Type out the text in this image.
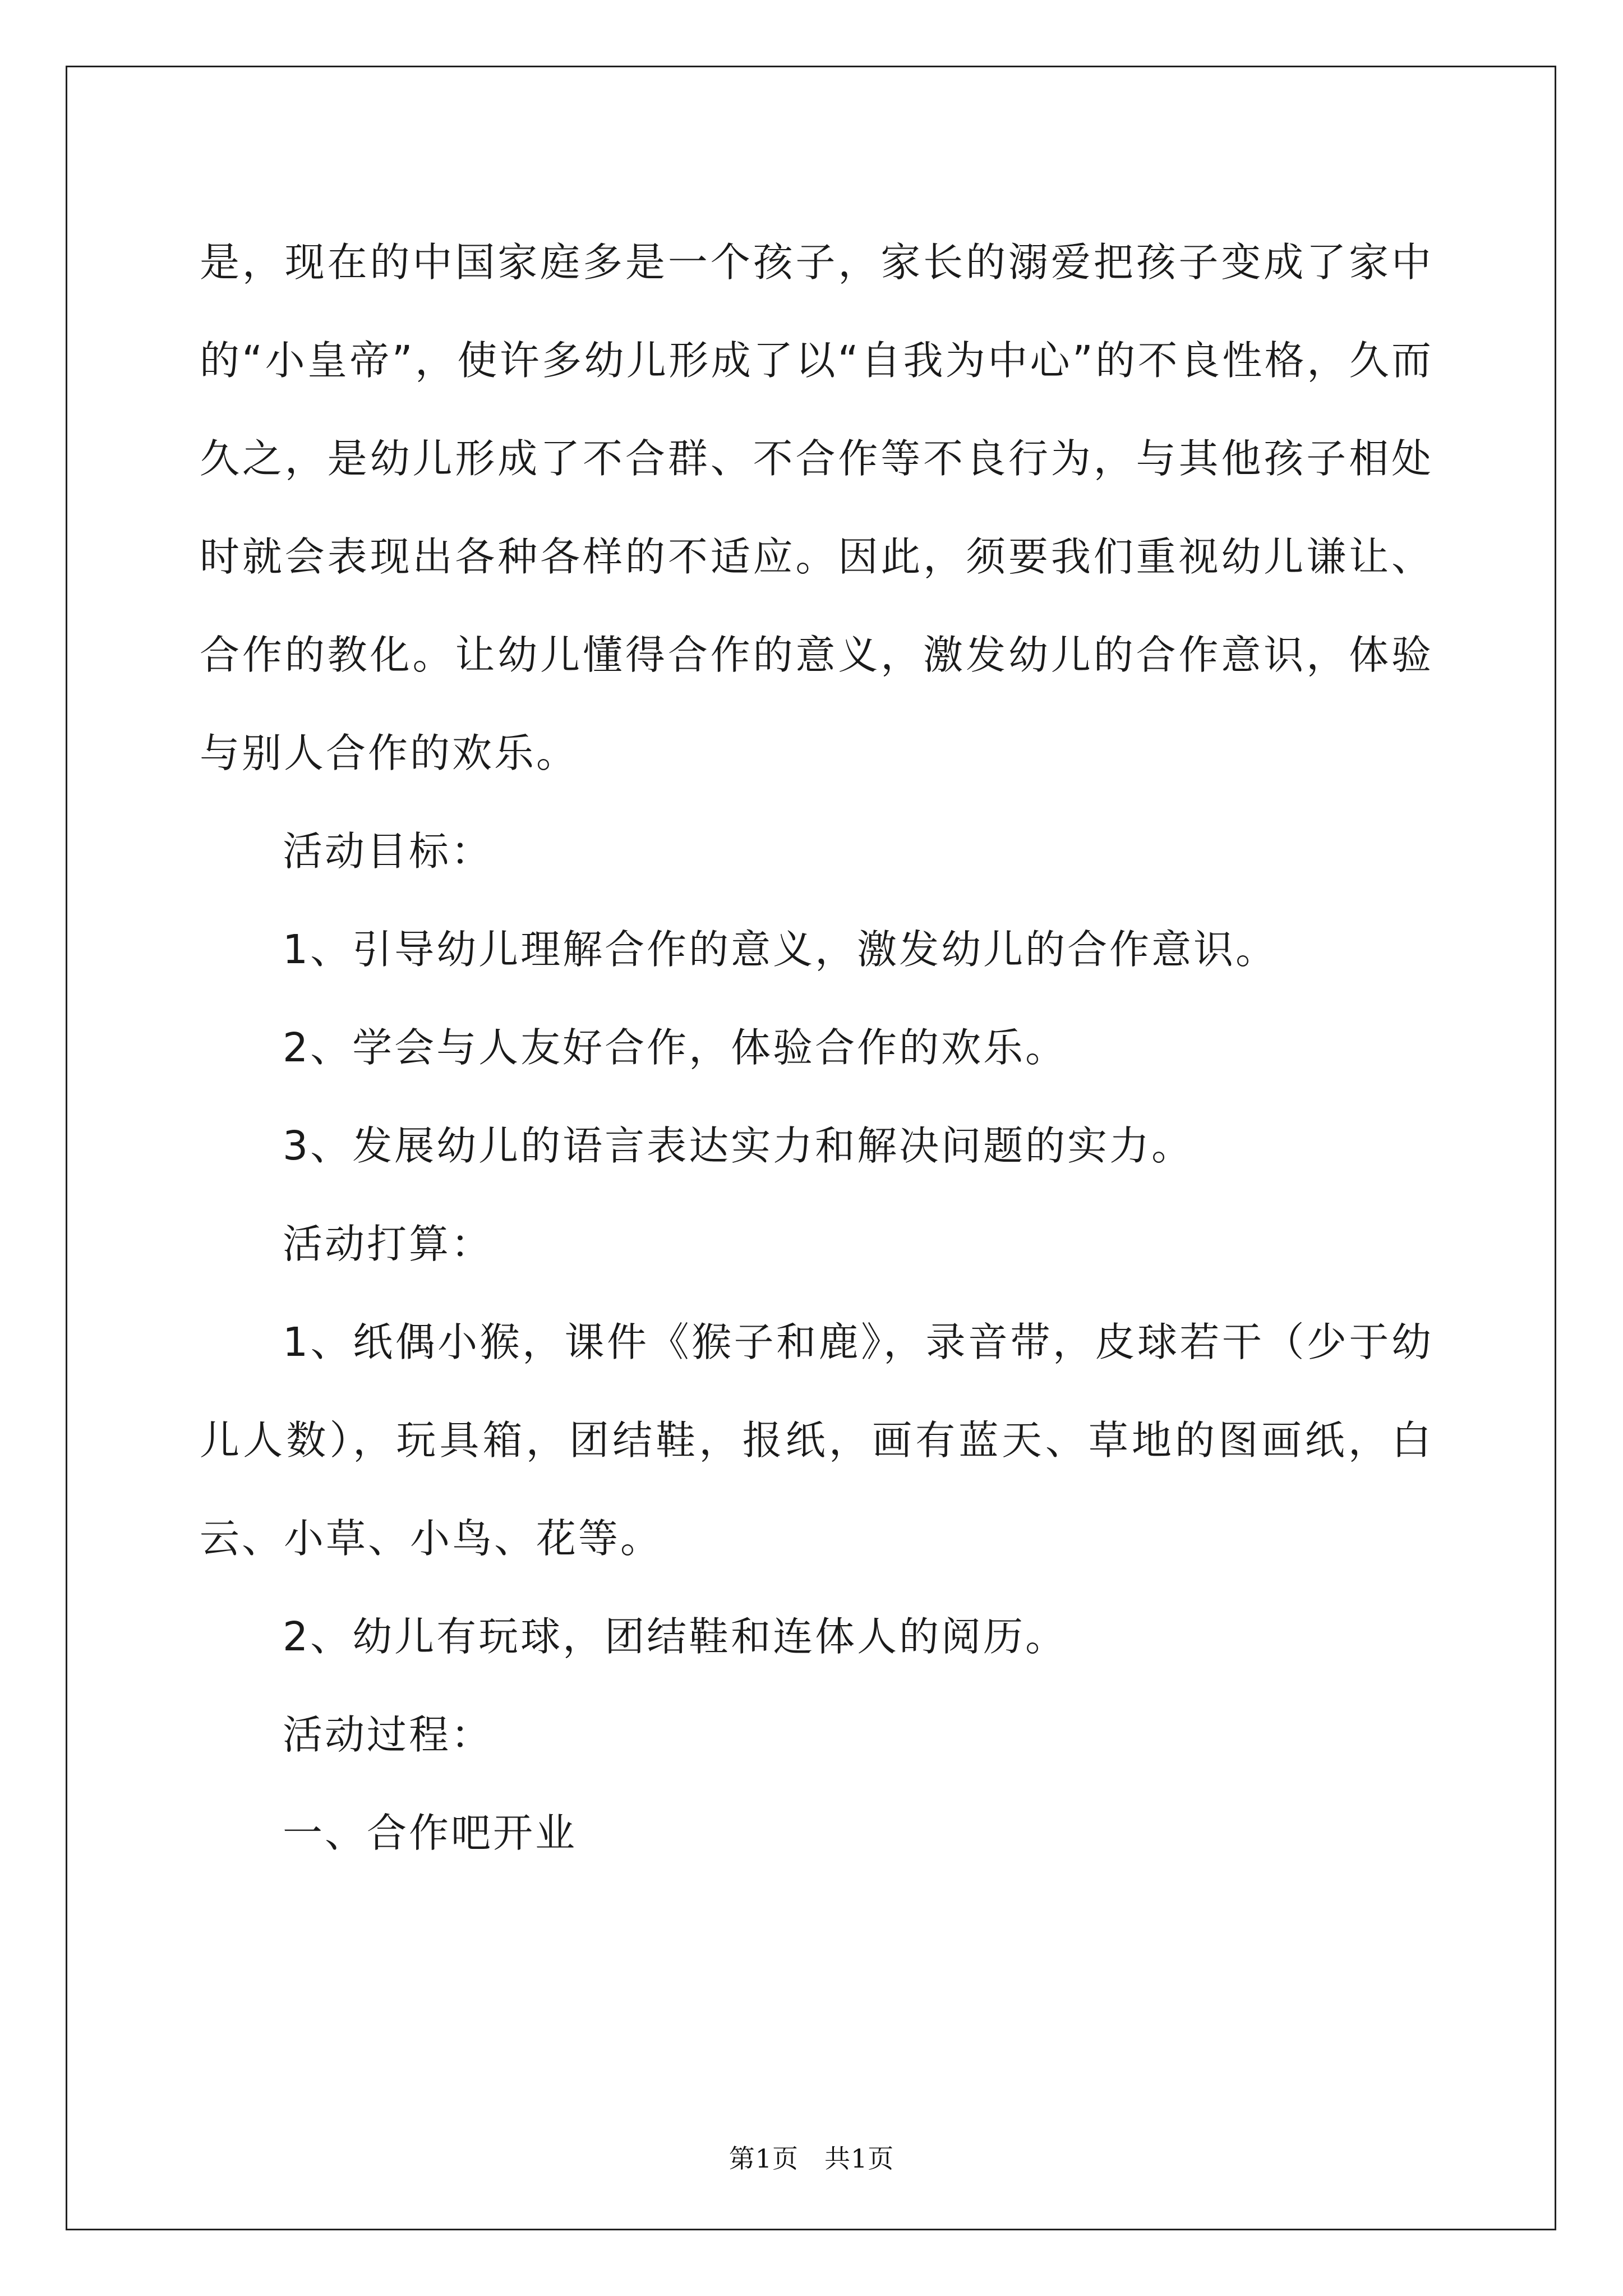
是，现在的中国家庭多是一个孩子，家长的溺爱把孩子变成了家中的“小皇帝”，使许多幼儿形成了以“自我为中心”的不良性格，久而久之，是幼儿形成了不合群、不合作等不良行为，与其他孩子相处时就会表现出各种各样的不适应。因此，须要我们重视幼儿谦让、合作的教化。让幼儿懂得合作的意义，激发幼儿的合作意识，体验与别人合作的欢乐。

活动目标：

1、引导幼儿理解合作的意义，激发幼儿的合作意识。

2、学会与人友好合作，体验合作的欢乐。

3、发展幼儿的语言表达实力和解决问题的实力。

活动打算：

1、纸偶小猴，课件《猴子和鹿》，录音带，皮球若干（少于幼儿人数），玩具箱，团结鞋，报纸，画有蓝天、草地的图画纸，白云、小草、小鸟、花等。

2、幼儿有玩球，团结鞋和连体人的阅历。

活动过程：

一、合作吧开业

第1页 共1页
